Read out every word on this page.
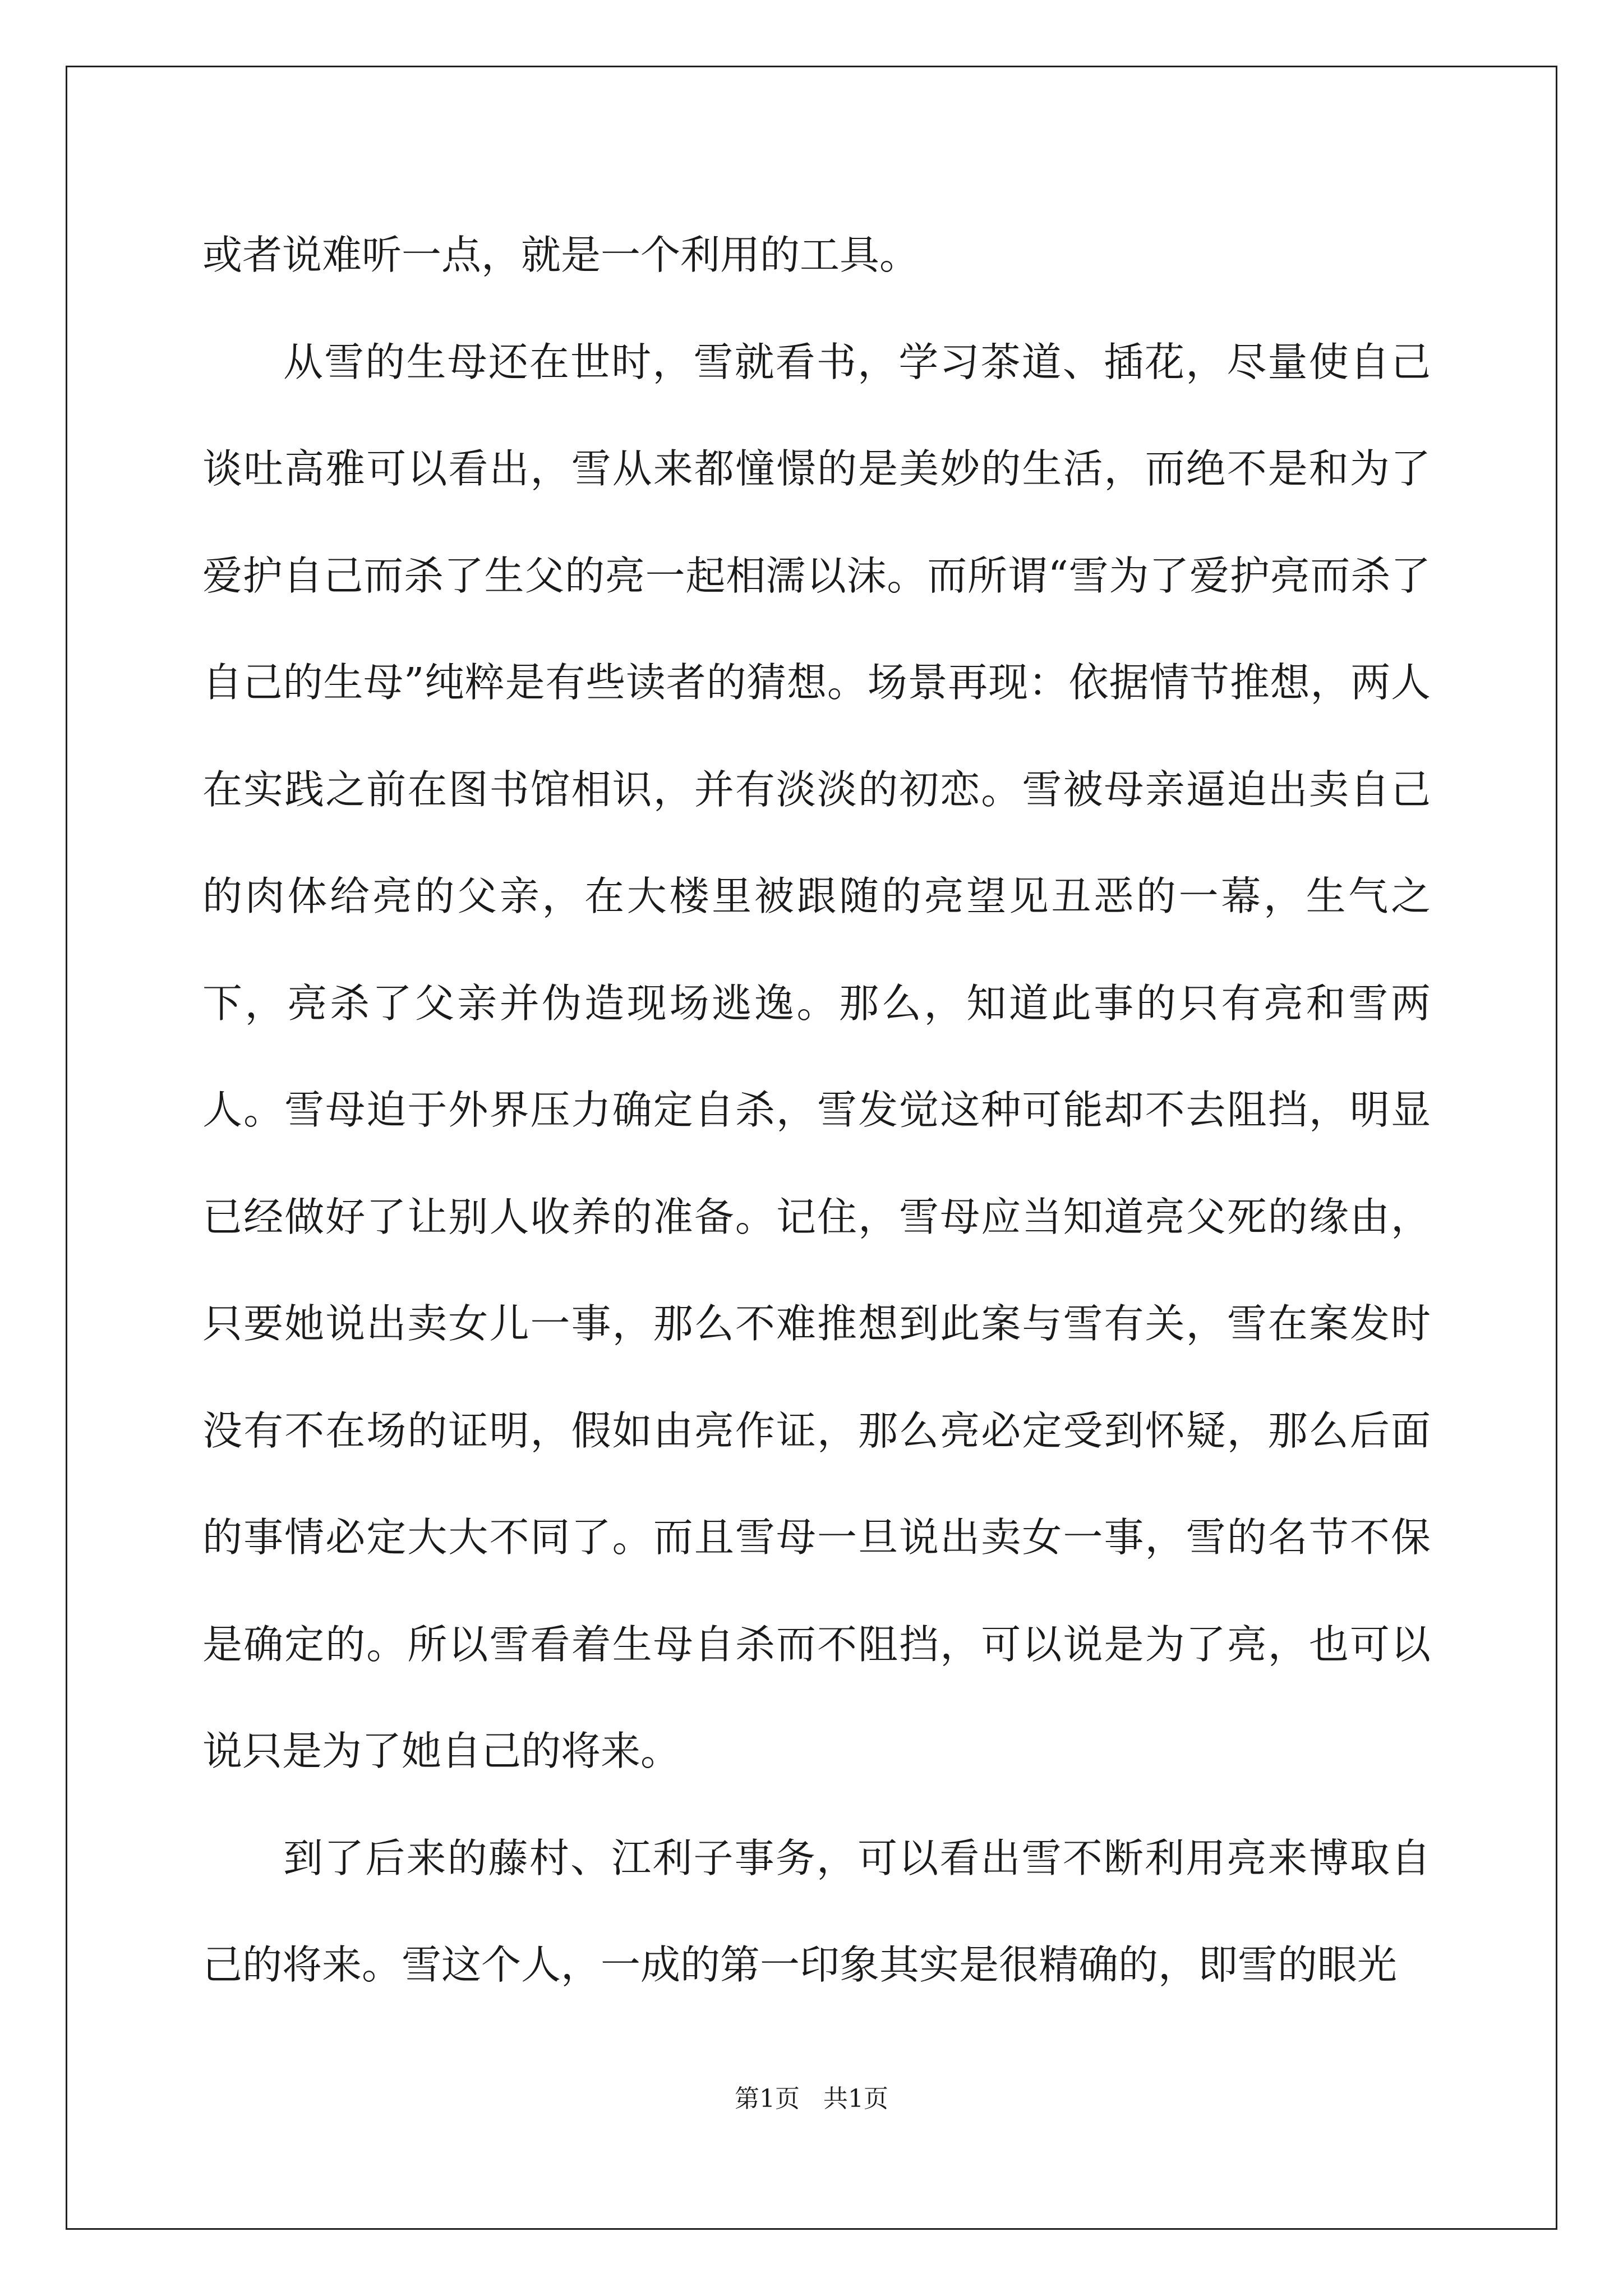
或者说难听一点，就是一个利用的工具。

从雪的生母还在世时，雪就看书，学习茶道、插花，尽量使自己谈吐高雅可以看出，雪从来都憧憬的是美妙的生活，而绝不是和为了爱护自己而杀了生父的亮一起相濡以沫。而所谓“雪为了爱护亮而杀了自己的生母”纯粹是有些读者的猜想。场景再现：依据情节推想，两人在实践之前在图书馆相识，并有淡淡的初恋。雪被母亲逼迫出卖自己的肉体给亮的父亲，在大楼里被跟随的亮望见丑恶的一幕，生气之下，亮杀了父亲并伪造现场逃逸。那么，知道此事的只有亮和雪两人。雪母迫于外界压力确定自杀，雪发觉这种可能却不去阻挡，明显已经做好了让别人收养的准备。记住，雪母应当知道亮父死的缘由，只要她说出卖女儿一事，那么不难推想到此案与雪有关，雪在案发时没有不在场的证明，假如由亮作证，那么亮必定受到怀疑，那么后面的事情必定大大不同了。而且雪母一旦说出卖女一事，雪的名节不保是确定的。所以雪看着生母自杀而不阻挡，可以说是为了亮，也可以说只是为了她自己的将来。

到了后来的藤村、江利子事务，可以看出雪不断利用亮来博取自己的将来。雪这个人，一成的第一印象其实是很精确的，即雪的眼光

第1页   共1页
